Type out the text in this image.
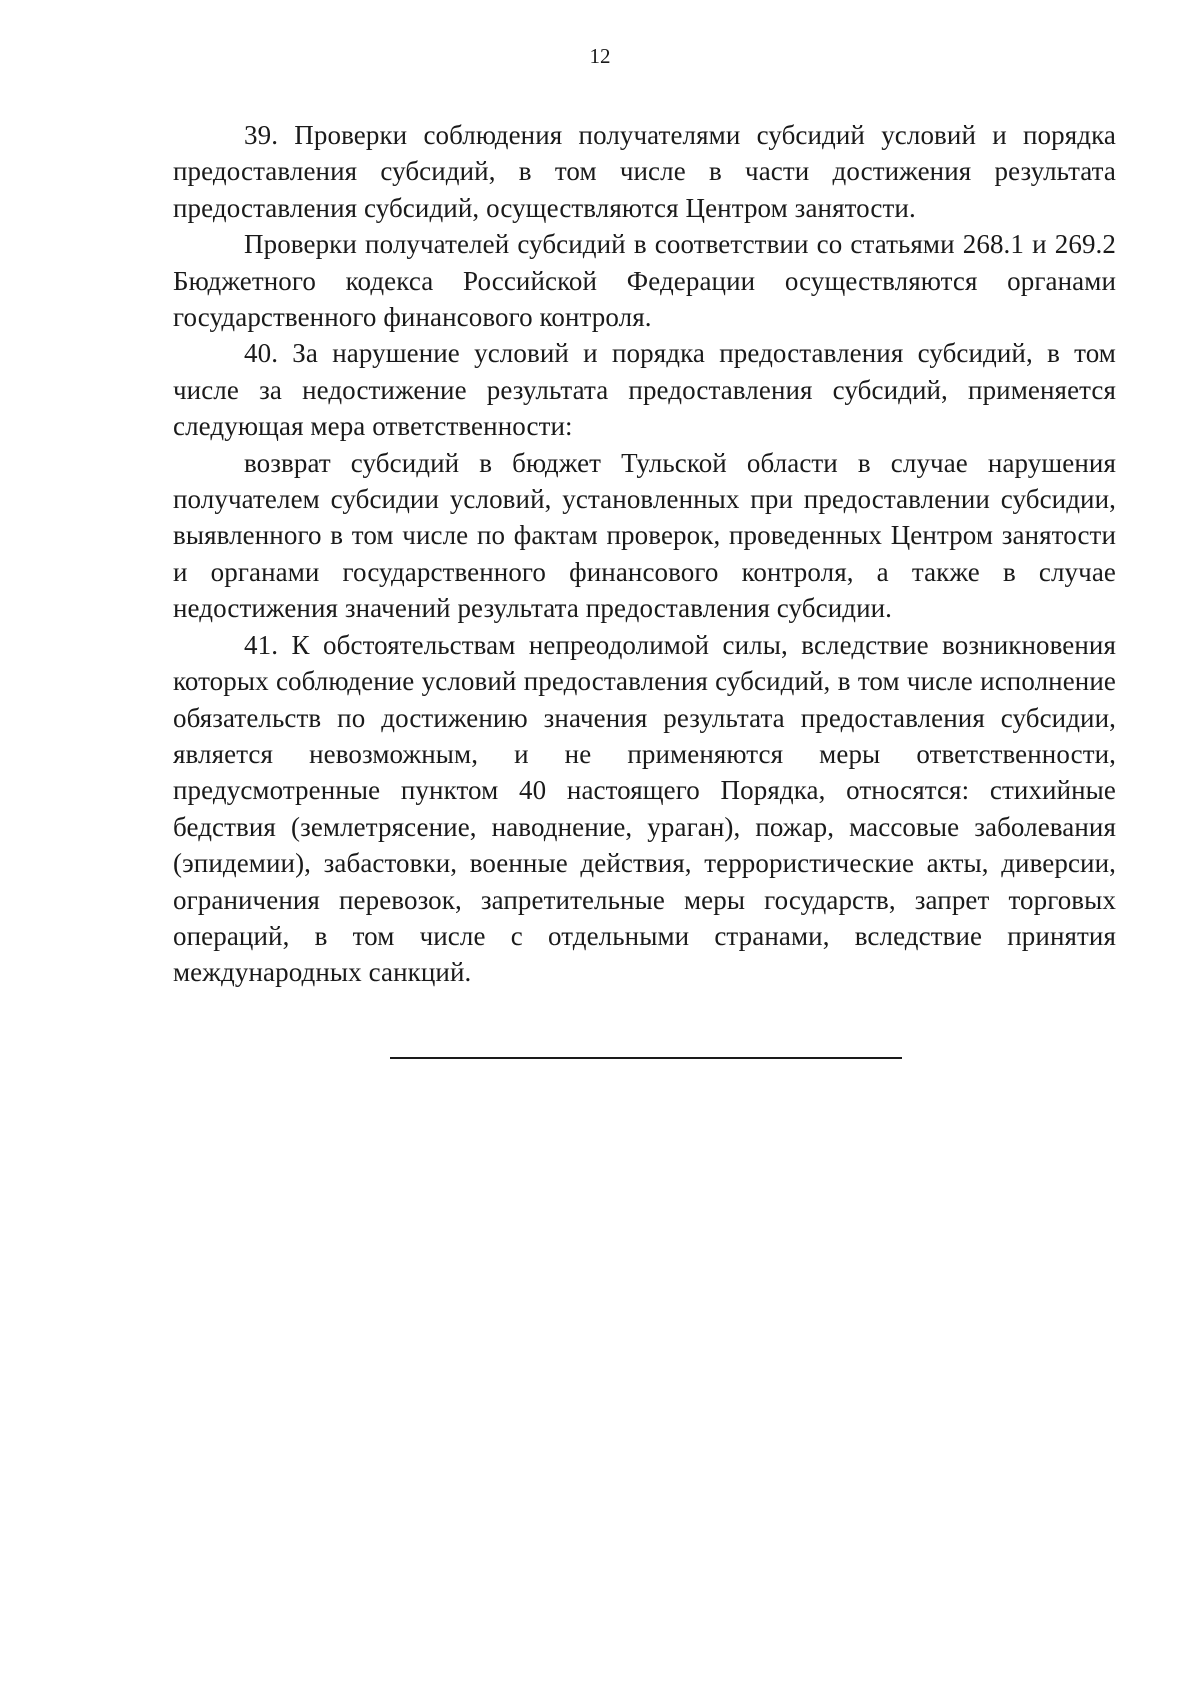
12

39. Проверки соблюдения получателями субсидий условий и порядка предоставления субсидий, в том числе в части достижения результата предоставления субсидий, осуществляются Центром занятости.

Проверки получателей субсидий в соответствии со статьями 268.1 и 269.2 Бюджетного кодекса Российской Федерации осуществляются органами государственного финансового контроля.

40. За нарушение условий и порядка предоставления субсидий, в том числе за недостижение результата предоставления субсидий, применяется следующая мера ответственности:

возврат субсидий в бюджет Тульской области в случае нарушения получателем субсидии условий, установленных при предоставлении субсидии, выявленного в том числе по фактам проверок, проведенных Центром занятости и органами государственного финансового контроля, а также в случае недостижения значений результата предоставления субсидии.

41. К обстоятельствам непреодолимой силы, вследствие возникновения которых соблюдение условий предоставления субсидий, в том числе исполнение обязательств по достижению значения результата предоставления субсидии, является невозможным, и не применяются меры ответственности, предусмотренные пунктом 40 настоящего Порядка, относятся: стихийные бедствия (землетрясение, наводнение, ураган), пожар, массовые заболевания (эпидемии), забастовки, военные действия, террористические акты, диверсии, ограничения перевозок, запретительные меры государств, запрет торговых операций, в том числе с отдельными странами, вследствие принятия международных санкций.
